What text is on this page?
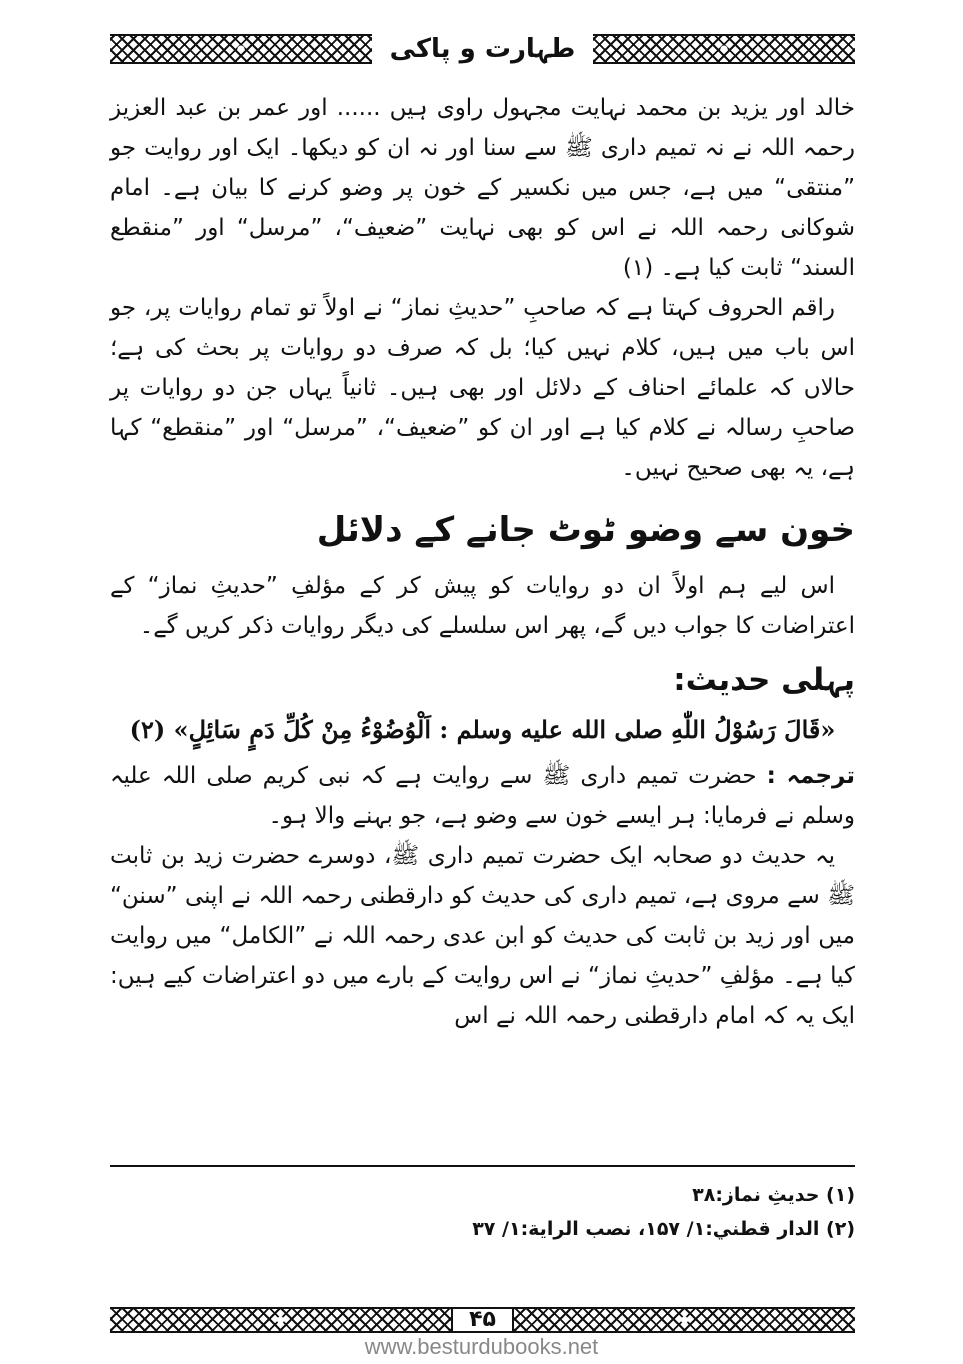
طہارت و پاکی

خالد اور یزید بن محمد نہایت مجہول راوی ہیں ...... اور عمر بن عبد العزیز رحمہ اللہ نے نہ تمیم داری ﷺ سے سنا اور نہ ان کو دیکھا۔ ایک اور روایت جو ”منتقی“ میں ہے، جس میں نکسیر کے خون پر وضو کرنے کا بیان ہے۔ امام شوکانی رحمہ اللہ نے اس کو بھی نہایت ”ضعیف“، ”مرسل“ اور ”منقطع السند“ ثابت کیا ہے۔ (۱)

راقم الحروف کہتا ہے کہ صاحبِ ”حدیثِ نماز“ نے اولاً تو تمام روایات پر، جو اس باب میں ہیں، کلام نہیں کیا؛ بل کہ صرف دو روایات پر بحث کی ہے؛ حالاں کہ علمائے احناف کے دلائل اور بھی ہیں۔ ثانیاً یہاں جن دو روایات پر صاحبِ رسالہ نے کلام کیا ہے اور ان کو ”ضعیف“، ”مرسل“ اور ”منقطع“ کہا ہے، یہ بھی صحیح نہیں۔

خون سے وضو ٹوٹ جانے کے دلائل

اس لیے ہم اولاً ان دو روایات کو پیش کر کے مؤلفِ ”حدیثِ نماز“ کے اعتراضات کا جواب دیں گے، پھر اس سلسلے کی دیگر روایات ذکر کریں گے۔

پہلی حدیث:
«قَالَ رَسُوْلُ اللّٰهِ صلى الله عليه وسلم : اَلْوُضُوْءُ مِنْ كُلِّ دَمٍ سَائِلٍ» (۲)

ترجمہ : حضرت تمیم داری ﷺ سے روایت ہے کہ نبی کریم صلی اللہ علیہ وسلم نے فرمایا: ہر ایسے خون سے وضو ہے، جو بہنے والا ہو۔

یہ حدیث دو صحابہ ایک حضرت تمیم داری ﷺ، دوسرے حضرت زید بن ثابت ﷺ سے مروی ہے، تمیم داری کی حدیث کو دارقطنی رحمہ اللہ نے اپنی ”سنن“ میں اور زید بن ثابت کی حدیث کو ابن عدی رحمہ اللہ نے ”الکامل“ میں روایت کیا ہے۔ مؤلفِ ”حدیثِ نماز“ نے اس روایت کے بارے میں دو اعتراضات کیے ہیں: ایک یہ کہ امام دارقطنی رحمہ اللہ نے اس

(۱) حدیثِ نماز:۳۸
(۲) الدار قطني:۱/ ۱۵۷، نصب الراية:۱/ ۳۷
۴۵
www.besturdubooks.net
